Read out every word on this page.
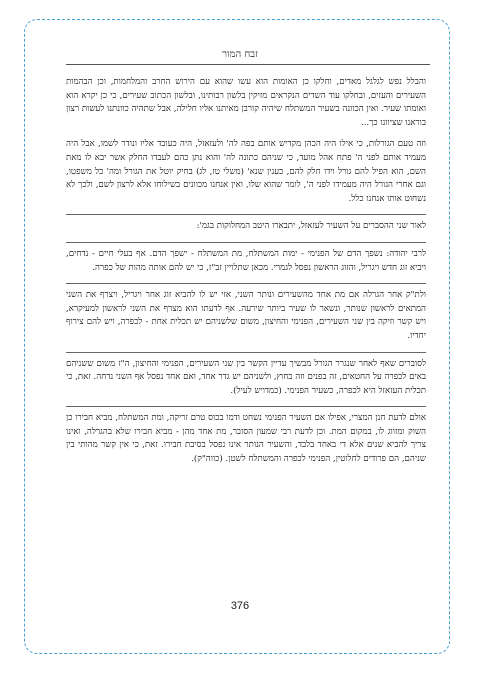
זבח המור

והבלל נפש לגלגל מאדים, וחלקו כן האומות הוא עשו שהוא עם הירוש החרב והמלחמות, וכן הבהמות השעירים והעזים, ובחלקו עוד השדים הנקראים מזיקין בלשון רבותינו, ובלשון הכתוב שעירים, כי כן יקרא הוא ואומתו שעיר. ואין הכוונה בשעיר המשתלח שיהיה קורבן מאיתנו אליו חלילה, אבל שתהיה כוונתנו לעשות רצון בוראנו שציוונו כך...

וזה טעם הגורלות, כי אילו היה הכהן מקדיש אותם בפה לה' ולעזאזל, היה כעובד אליו ונודר לשמו, אבל היה מעמיד אותם לפני ה' פתח אהל מועד, כי שניהם כתונה לה' והוא נתן כהם לעבדו החלק אשר יבא לו מאת השם, הוא הפיל להם גורל וידו חלק להם, כענין שנא' (משלי טז, לג) בחיק יוטל את הגורל ומה' כל משפטו, וגם אחרי הגורל היה מעמידו לפני ה', לומר שהוא שלו, ואין אנחנו מכוונים בשילוחו אלא לרצון לשם, ולכך לא נשחוט אותו אנחנו כלל.

לאור שני ההסברים על השעיר לעזאזל, יתבארו היטב המחלוקות בגמ':

לרבי יהודה: נשפך הדם של הפנימי - ימות המשתלח, מת המשתלח - ישפך הדם. אף בעלי חיים - נדחים, ויביא זוג חדש ויגריל, והזוג הראשון נפסל לגמרי. מכאן שתלויין זב"ז, כי יש להם אותה מהות של כפרה.

ולת"ק אחר הגרלה אם מת אחד מהשעירים ונותר השני, אזי יש לו להביא זוג אחר ויגריל, ויצרף את השני המתאים לראשון שנותר, ונשאר לו שעיר ביותר שירעה. אף לדעתו הוא מצרף את השני לראשון למעיקרא, ויש קשר וזיקה בין שני השעירים, הפנימי והחיצון, משום שלשניהם יש תכלית אחת - לכפרה, ויש להם צירוף יחדיו.

לסוברים שאף לאחר שנגרר הגורל מבשיך עדיין הקשר בין שני השעירים, הפנימי והחיצון, ה"ז משום ששניהם באים לכפרה על החטאים, זה בפנים וזה בחוץ, ולשניהם יש גדר אחד, ואם אחד נפסל אף השני נדחה. זאת, כי תכלית העזאזל היא לכפרה, כשעיר הפנימי. (כמדויש לעיל).

אולם לדעת חנן המצרי, אפילו אם השעיר הפנימי נשחט ודמו בכוס טרם זריקה, ומת המשתלח, מביא חבירו כן השוק ומזווג לו, במקום המת. וכן לדעת רבי שמעון הסובר, מת אחד מהן - מביא חבירו שלא בהגרלה, ואינו צריך להביא שנים אלא די באחד בלבד, והשעיר הנותר אינו נפסל בסיבת חבירו. זאת, כי אין קשר מהותי בין שניהם, הם פרודים לחלוטין, הפנימי לכפרה והמשתלח לשטן. (כווה"ק).

376
